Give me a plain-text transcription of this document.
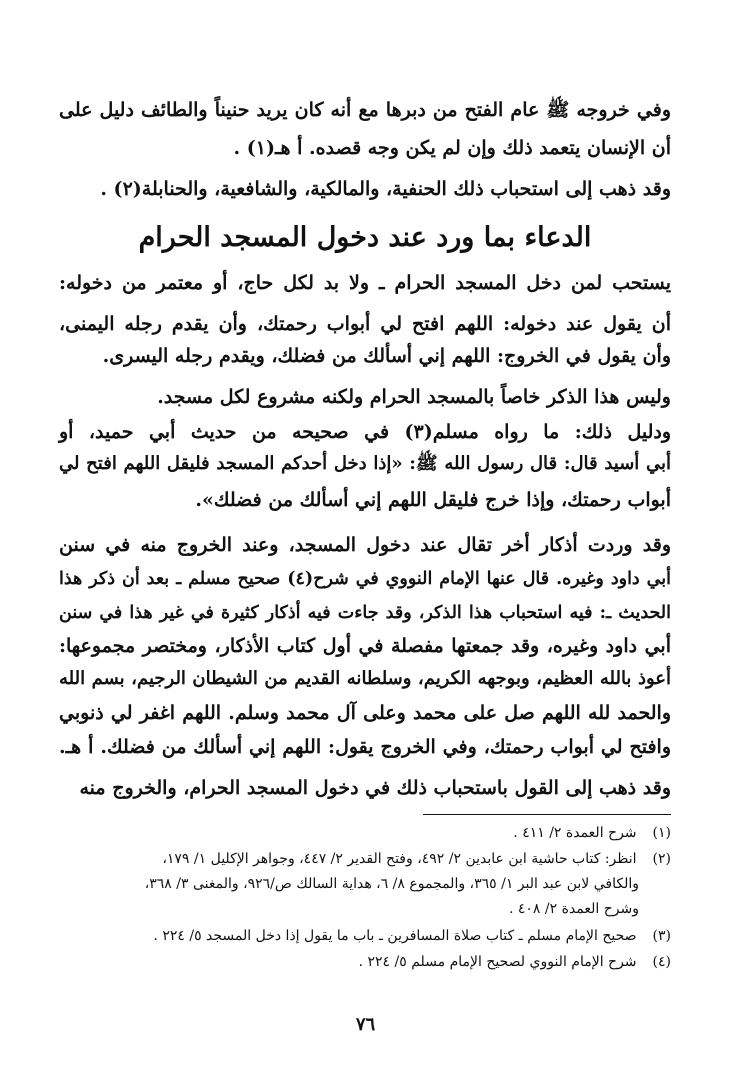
وفي خروجه ﷺ عام الفتح من دبرها مع أنه كان يريد حنيناً والطائف دليل على
أن الإنسان يتعمد ذلك وإن لم يكن وجه قصده. أ هـ(١) .
وقد ذهب إلى استحباب ذلك الحنفية، والمالكية، والشافعية، والحنابلة(٢) .
الدعاء بما ورد عند دخول المسجد الحرام
يستحب لمن دخل المسجد الحرام ـ ولا بد لكل حاج، أو معتمر من دخوله:
أن يقول عند دخوله: اللهم افتح لي أبواب رحمتك، وأن يقدم رجله اليمنى،
وأن يقول في الخروج: اللهم إني أسألك من فضلك، ويقدم رجله اليسرى.
وليس هذا الذكر خاصاً بالمسجد الحرام ولكنه مشروع لكل مسجد.
ودليل ذلك: ما رواه مسلم(٣) في صحيحه من حديث أبي حميد، أو
أبي أسيد قال: قال رسول الله ﷺ: «إذا دخل أحدكم المسجد فليقل اللهم افتح لي
أبواب رحمتك، وإذا خرج فليقل اللهم إني أسألك من فضلك».
وقد وردت أذكار أخر تقال عند دخول المسجد، وعند الخروج منه في سنن
أبي داود وغيره. قال عنها الإمام النووي في شرح(٤) صحيح مسلم ـ بعد أن ذكر هذا
الحديث ـ: فيه استحباب هذا الذكر، وقد جاءت فيه أذكار كثيرة في غير هذا في سنن
أبي داود وغيره، وقد جمعتها مفصلة في أول كتاب الأذكار، ومختصر مجموعها:
أعوذ بالله العظيم، وبوجهه الكريم، وسلطانه القديم من الشيطان الرجيم، بسم الله
والحمد لله اللهم صل على محمد وعلى آل محمد وسلم. اللهم اغفر لي ذنوبي
وافتح لي أبواب رحمتك، وفي الخروج يقول: اللهم إني أسألك من فضلك. أ هـ.
وقد ذهب إلى القول باستحباب ذلك في دخول المسجد الحرام، والخروج منه
(١) شرح العمدة ٢/ ٤١١ .
(٢) انظر: كتاب حاشية ابن عابدين ٢/ ٤٩٢، وفتح القدير ٢/ ٤٤٧، وجواهر الإكليل ١/ ١٧٩،
والكافي لابن عبد البر ١/ ٣٦٥، والمجموع ٨/ ٦، هداية السالك ص/٩٢٦، والمغنى ٣/ ٣٦٨،
وشرح العمدة ٢/ ٤٠٨ .
(٣) صحيح الإمام مسلم ـ كتاب صلاة المسافرين ـ باب ما يقول إذا دخل المسجد ٥/ ٢٢٤ .
(٤) شرح الإمام النووي لصحيح الإمام مسلم ٥/ ٢٢٤ .
٧٦
